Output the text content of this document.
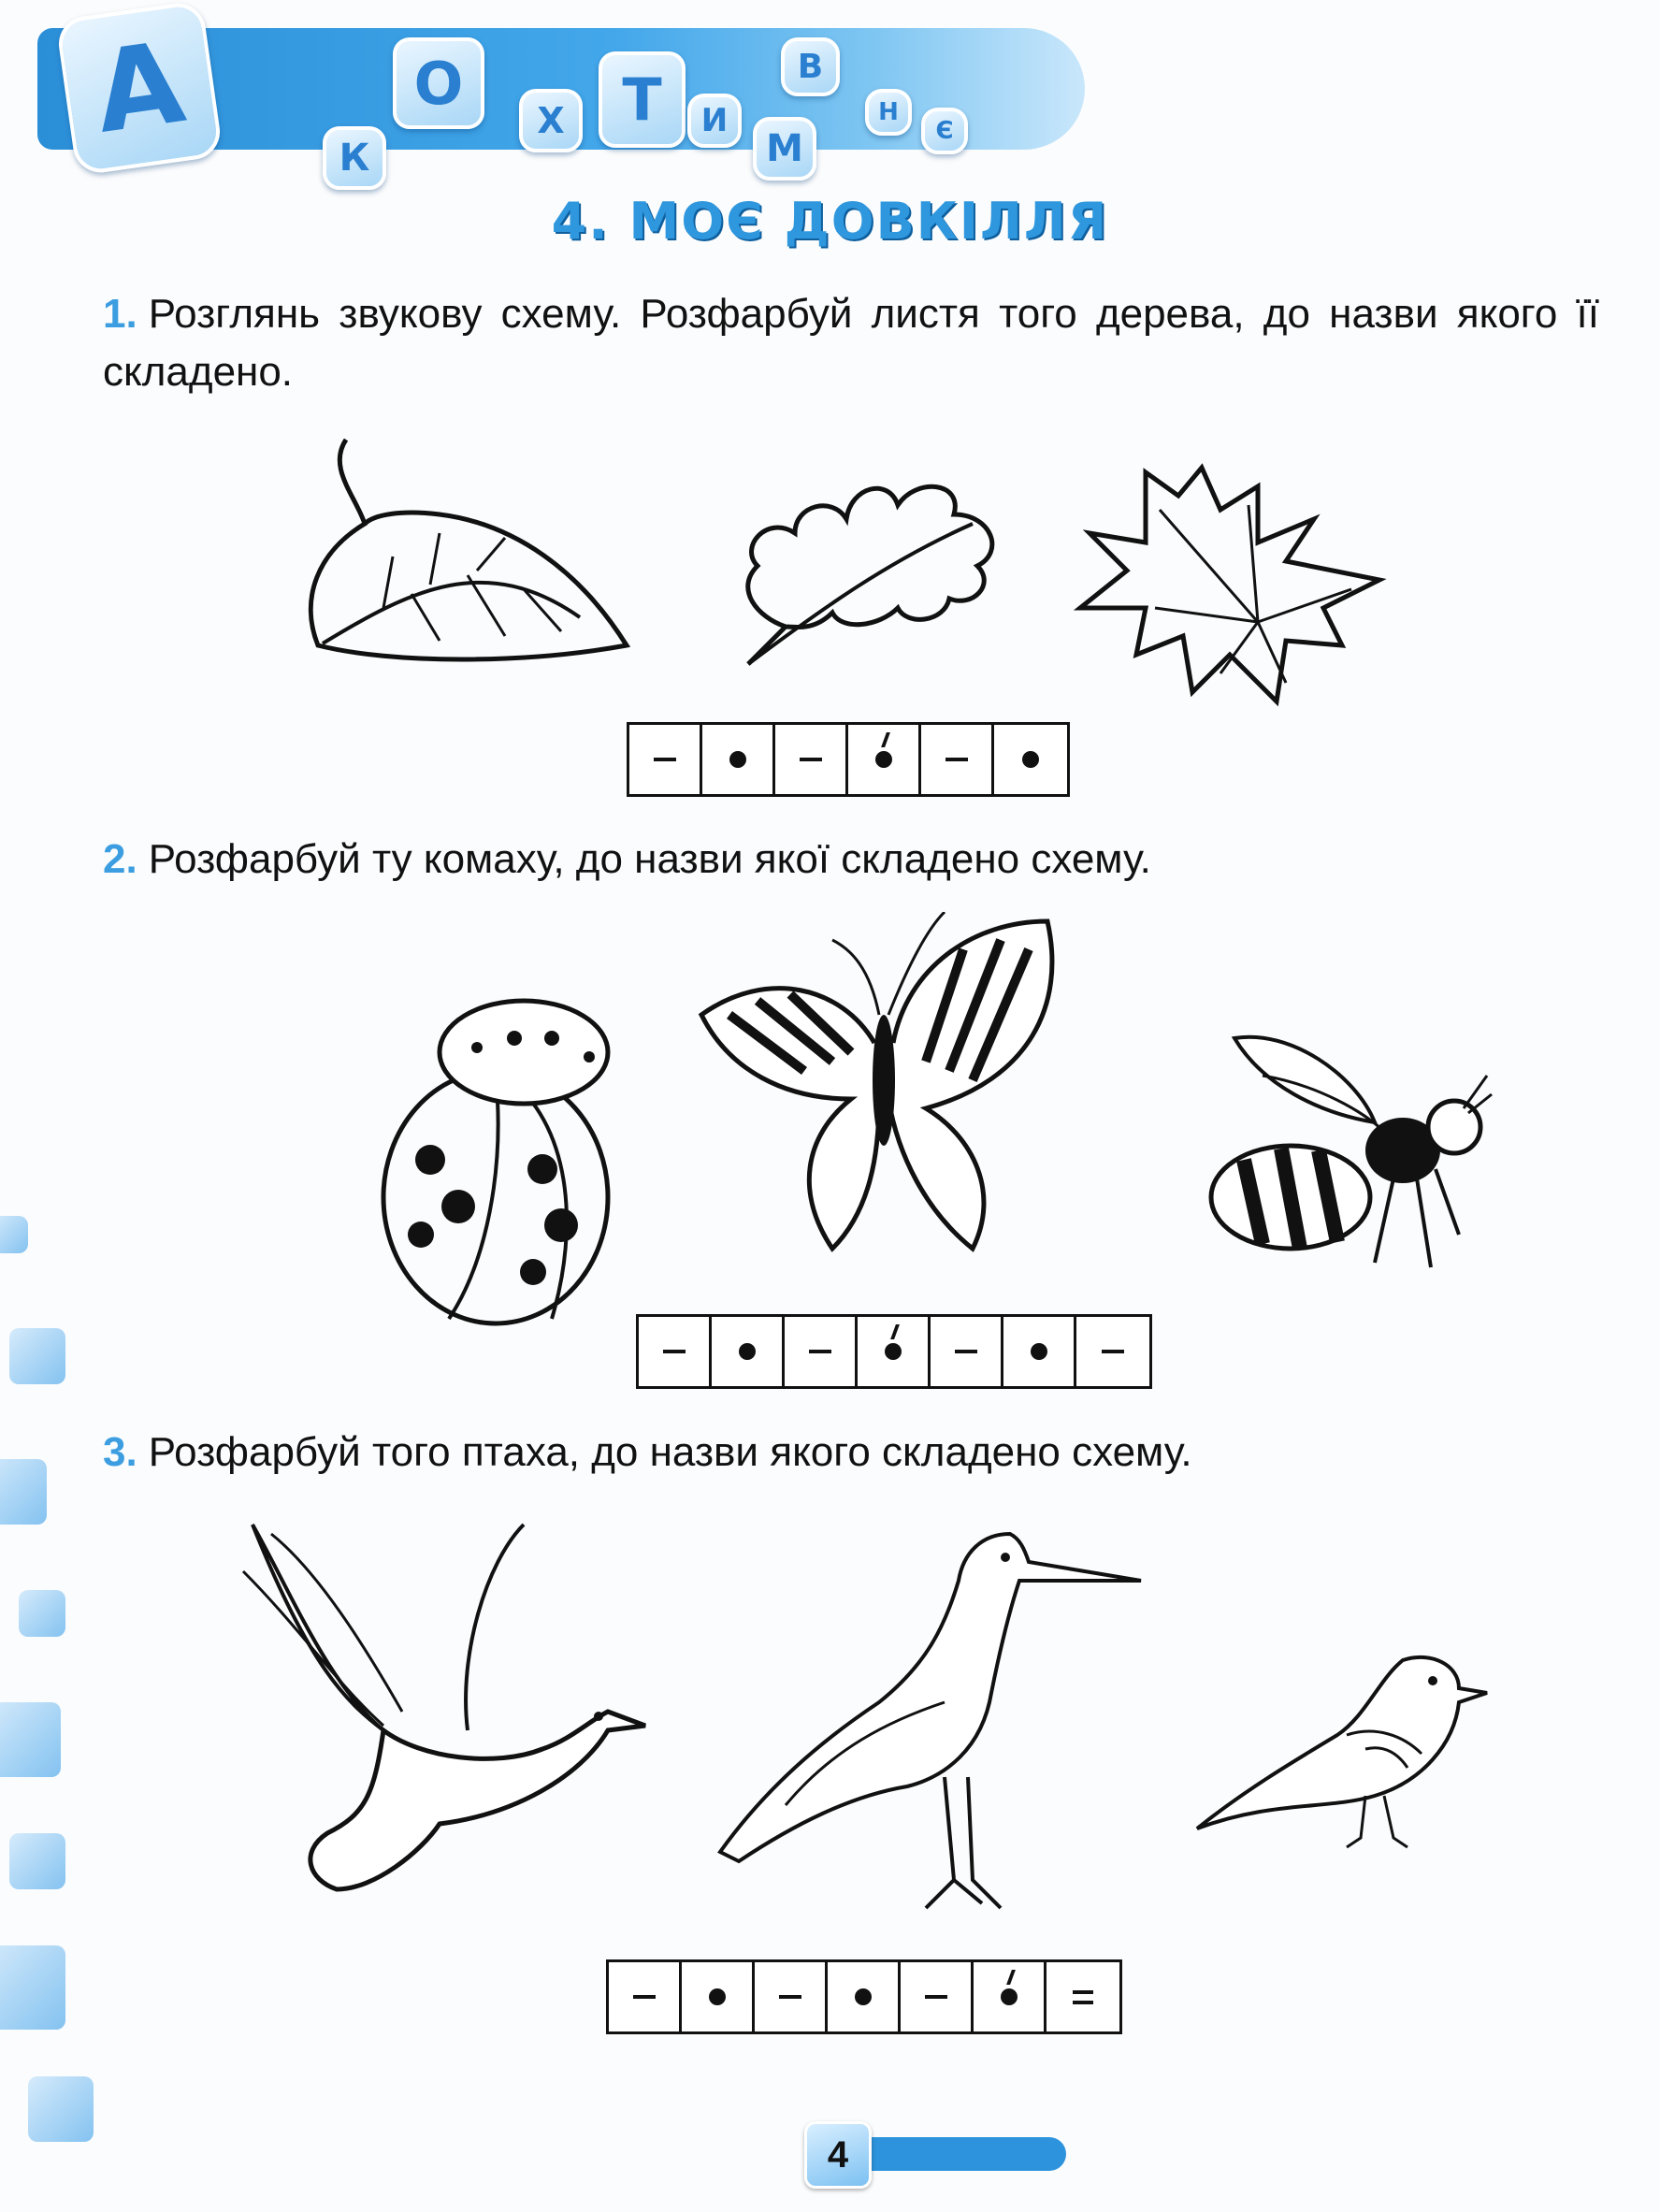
А	К
О
Х Т	И
М
В
Н
Є
4. МОЄ ДОВКІЛЛЯ
1. Розглянь звукову схему. Розфарбуй листя того дерева, до назви якого її складено.
2. Розфарбуй ту комаху, до назви якої складено схему.
3. Розфарбуй того птаха, до назви якого складено схему.
4
